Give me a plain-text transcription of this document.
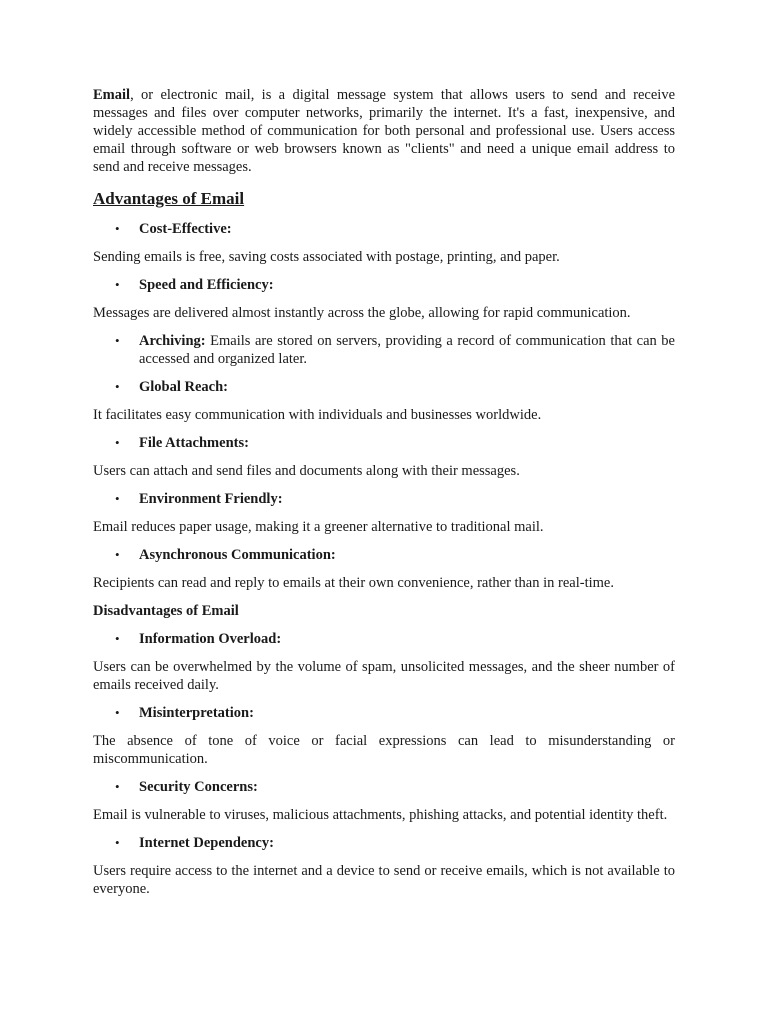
Email, or electronic mail, is a digital message system that allows users to send and receive messages and files over computer networks, primarily the internet. It's a fast, inexpensive, and widely accessible method of communication for both personal and professional use. Users access email through software or web browsers known as "clients" and need a unique email address to send and receive messages.

Advantages of Email
• Cost-Effective:

Sending emails is free, saving costs associated with postage, printing, and paper.

• Speed and Efficiency:

Messages are delivered almost instantly across the globe, allowing for rapid communication.

• Archiving: Emails are stored on servers, providing a record of communication that can be accessed and organized later.
• Global Reach:

It facilitates easy communication with individuals and businesses worldwide.

• File Attachments:

Users can attach and send files and documents along with their messages.

• Environment Friendly:

Email reduces paper usage, making it a greener alternative to traditional mail.

• Asynchronous Communication:

Recipients can read and reply to emails at their own convenience, rather than in real-time.

Disadvantages of Email
• Information Overload:

Users can be overwhelmed by the volume of spam, unsolicited messages, and the sheer number of emails received daily.

• Misinterpretation:

The absence of tone of voice or facial expressions can lead to misunderstanding or miscommunication.

• Security Concerns:

Email is vulnerable to viruses, malicious attachments, phishing attacks, and potential identity theft.

• Internet Dependency:

Users require access to the internet and a device to send or receive emails, which is not available to everyone.
